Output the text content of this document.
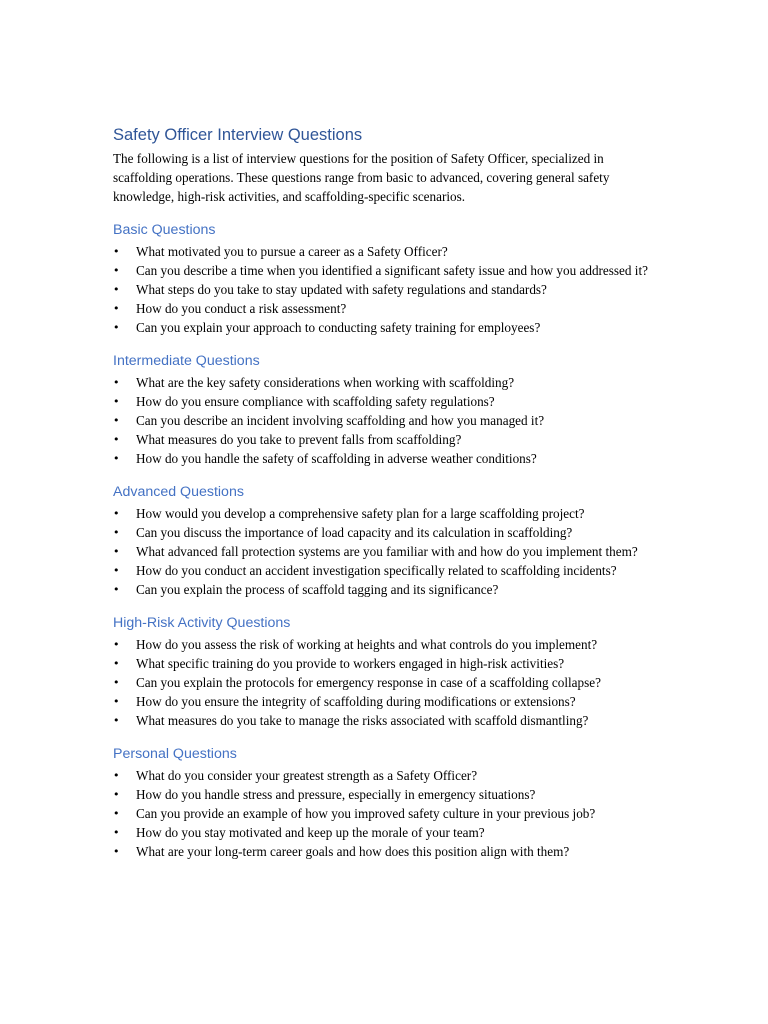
Safety Officer Interview Questions

The following is a list of interview questions for the position of Safety Officer, specialized in scaffolding operations. These questions range from basic to advanced, covering general safety knowledge, high-risk activities, and scaffolding-specific scenarios.

Basic Questions
• What motivated you to pursue a career as a Safety Officer?
• Can you describe a time when you identified a significant safety issue and how you addressed it?
• What steps do you take to stay updated with safety regulations and standards?
• How do you conduct a risk assessment?
• Can you explain your approach to conducting safety training for employees?
Intermediate Questions
• What are the key safety considerations when working with scaffolding?
• How do you ensure compliance with scaffolding safety regulations?
• Can you describe an incident involving scaffolding and how you managed it?
• What measures do you take to prevent falls from scaffolding?
• How do you handle the safety of scaffolding in adverse weather conditions?
Advanced Questions
• How would you develop a comprehensive safety plan for a large scaffolding project?
• Can you discuss the importance of load capacity and its calculation in scaffolding?
• What advanced fall protection systems are you familiar with and how do you implement them?
• How do you conduct an accident investigation specifically related to scaffolding incidents?
• Can you explain the process of scaffold tagging and its significance?
High-Risk Activity Questions
• How do you assess the risk of working at heights and what controls do you implement?
• What specific training do you provide to workers engaged in high-risk activities?
• Can you explain the protocols for emergency response in case of a scaffolding collapse?
• How do you ensure the integrity of scaffolding during modifications or extensions?
• What measures do you take to manage the risks associated with scaffold dismantling?
Personal Questions
• What do you consider your greatest strength as a Safety Officer?
• How do you handle stress and pressure, especially in emergency situations?
• Can you provide an example of how you improved safety culture in your previous job?
• How do you stay motivated and keep up the morale of your team?
• What are your long-term career goals and how does this position align with them?
